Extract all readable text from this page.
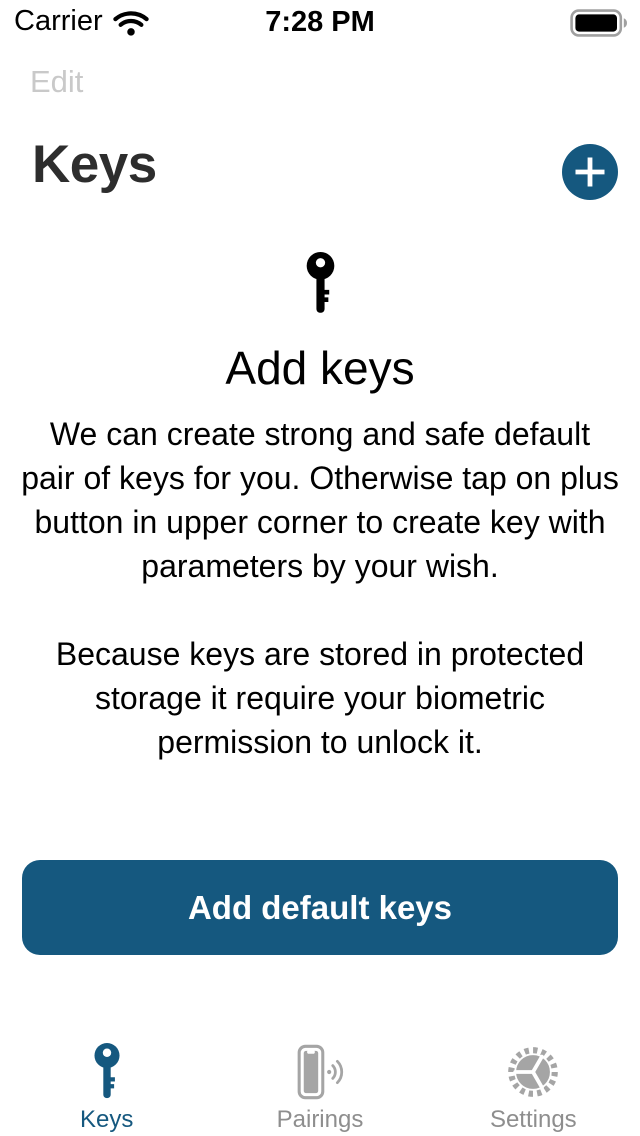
Carrier	7:28 PM
Edit
Keys
Add keys

We can create strong and safe default pair of keys for you. Otherwise tap on plus button in upper corner to create key with parameters by your wish.

Because keys are stored in protected storage it require your biometric permission to unlock it.

Add default keys
Keys	Pairings	Settings
